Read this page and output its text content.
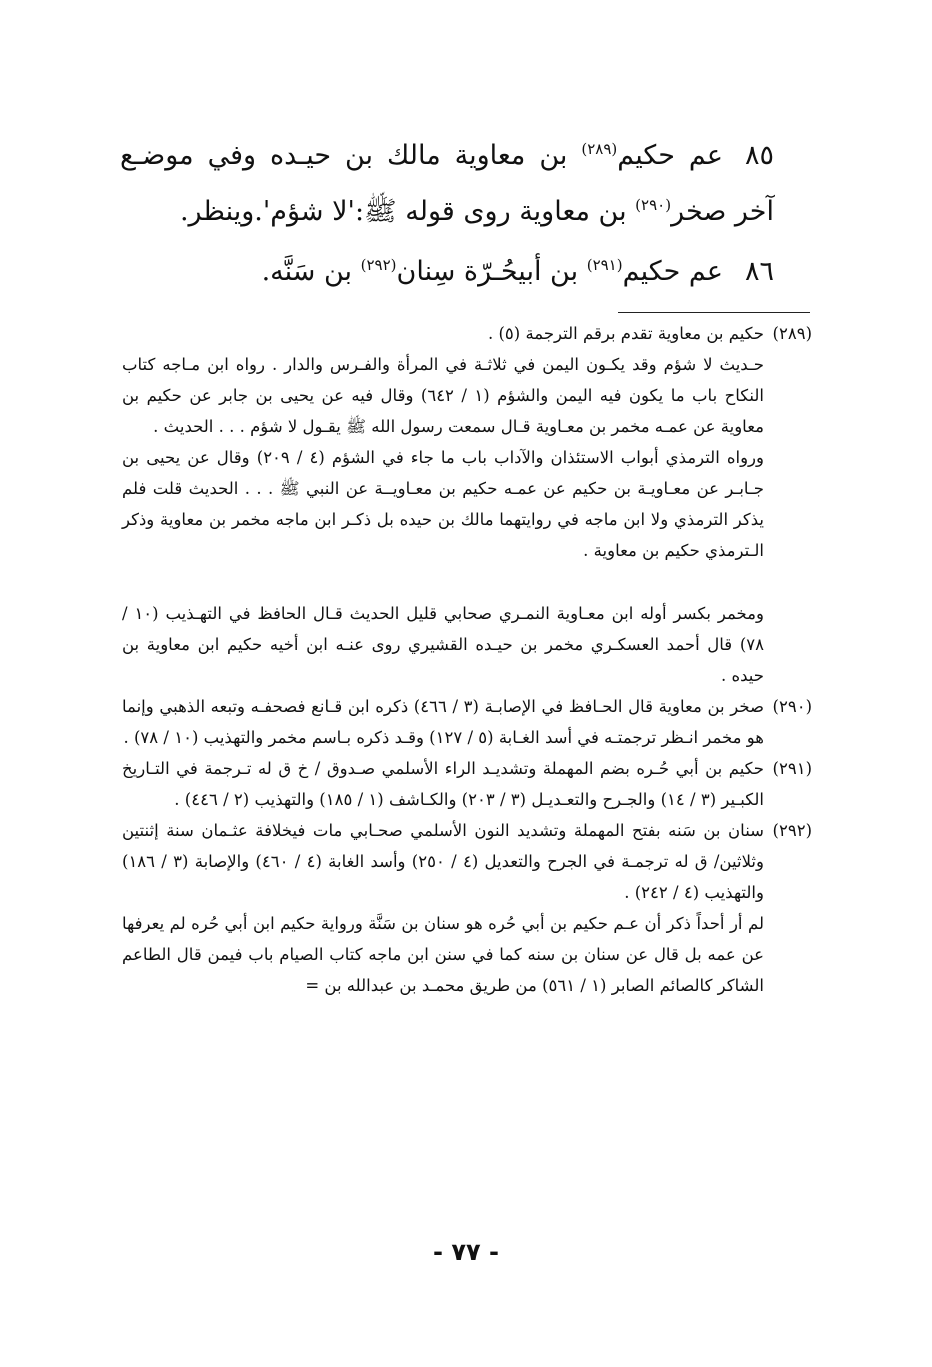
٨٥عم حكيم$^{(٢٨٩)}$ بن معاوية مالك بن حيـده وفي موضـع آخر صخر$^{(٢٩٠)}$ بن معاوية روى قوله ﷺ:'لا شؤم'.وينظر.

٨٦عم حكيم$^{(٢٩١)}$ بن أبيحُـرّة سِنان$^{(٢٩٢)}$ بن سَنَّه.

(٢٨٩)
حكيم بن معاوية تقدم برقم الترجمة (٥) .
حـديث لا شؤم وقد يكـون اليمن في ثلاثـة في المرأة والفـرس والدار . رواه ابن مـاجه كتاب النكاح باب ما يكون فيه اليمن والشؤم (١ / ٦٤٢) وقال فيه عن يحيى بن جابر عن حكيم بن معاوية عن عمـه مخمر بن معـاوية قـال سمعت رسول الله ﷺ يقـول لا شؤم . . . الحديث .
ورواه الترمذي أبواب الاستئذان والآداب باب ما جاء في الشؤم (٤ / ٢٠٩) وقال عن يحيى بن جـابـر عن معـاويـة بن حكيم عن عمـه حكيم بن معـاويــة عن النبي ﷺ . . . الحديث قلت فلم يذكر الترمذي ولا ابن ماجه في روايتهما مالك بن حيده بل ذكـر ابن ماجه مخمر بن معاوية وذكر الـترمذي حكيم بن معاوية .
ومخمر بكسر أوله ابن معـاوية النمـري صحابي قليل الحديث قـال الحافظ في التهـذيب (١٠ / ٧٨) قال أحمد العسكـري مخمر بن حيـده القشيري روى عنـه ابن أخيه حكيم ابن معاوية بن حيده .
(٢٩٠)
صخر بن معاوية قال الحـافظ في الإصابـة (٣ / ٤٦٦) ذكره ابن قـانع فصحفـه وتبعه الذهبي وإنما هو مخمر انـظر ترجمتـه في أسد الغـابة (٥ / ١٢٧) وقـد ذكره بـاسم مخمر والتهذيب (١٠ / ٧٨) .
(٢٩١)
حكيم بن أبي حُـره بضم المهملة وتشديـد الراء الأسلمي صـدوق / خ ق له تـرجمة في التـاريخ الكبـير (٣ / ١٤) والجـرح والتعـديـل (٣ / ٢٠٣) والكـاشف (١ / ١٨٥) والتهذيب (٢ / ٤٤٦) .
(٢٩٢)
سنان بن سَنه بفتح المهملة وتشديد النون الأسلمي صحـابي مات فيخلافة عثـمان سنة إثنتين وثلاثين/ ق له ترجمـة في الجرح والتعديل (٤ / ٢٥٠) وأسد الغابة (٤ / ٤٦٠) والإصابة (٣ / ١٨٦) والتهذيب (٤ / ٢٤٢) .
لم أر أحداً ذكر أن عـم حكيم بن أبي حُره هو سنان بن سَنَّة ورواية حكيم ابن أبي حُره لم يعرفها عن عمه بل قال عن سنان بن سنه كما في سنن ابن ماجه كتاب الصيام باب فيمن قال الطاعم الشاكر كالصائم الصابر (١ / ٥٦١) من طريق محمـد بن عبدالله بن =
- ٧٧ -
